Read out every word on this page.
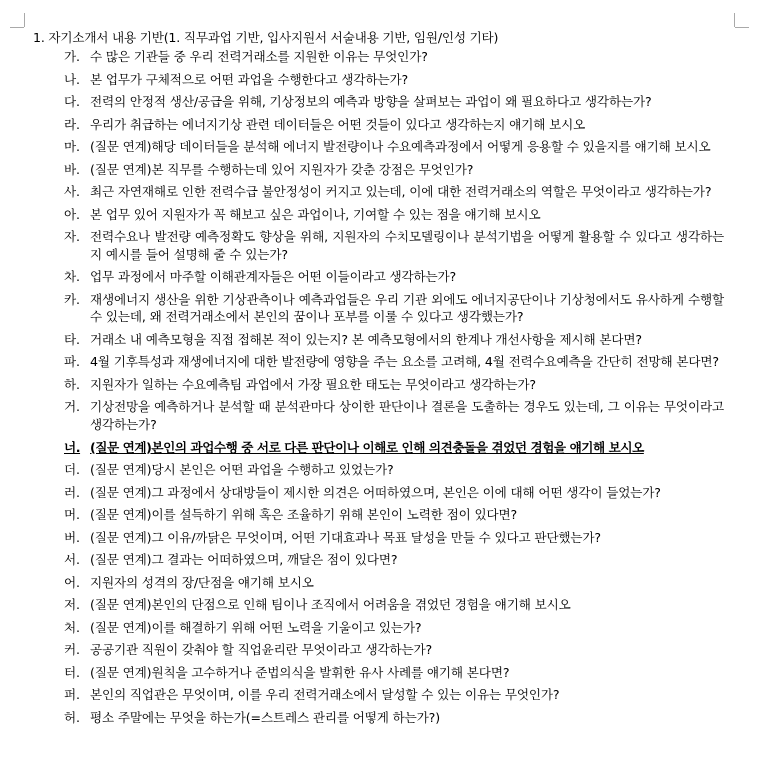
1. 자기소개서 내용 기반(1. 직무과업 기반, 입사지원서 서술내용 기반, 임원/인성 기타)
가. 수 많은 기관들 중 우리 전력거래소를 지원한 이유는 무엇인가?
나. 본 업무가 구체적으로 어떤 과업을 수행한다고 생각하는가?
다. 전력의 안정적 생산/공급을 위해, 기상정보의 예측과 방향을 살펴보는 과업이 왜 필요하다고 생각하는가?
라. 우리가 취급하는 에너지기상 관련 데이터들은 어떤 것들이 있다고 생각하는지 얘기해 보시오
마. (질문 연계)해당 데이터들을 분석해 에너지 발전량이나 수요예측과정에서 어떻게 응용할 수 있을지를 얘기해 보시오
바. (질문 연계)본 직무를 수행하는데 있어 지원자가 갖춘 강점은 무엇인가?
사. 최근 자연재해로 인한 전력수급 불안정성이 커지고 있는데, 이에 대한 전력거래소의 역할은 무엇이라고 생각하는가?
아. 본 업무 있어 지원자가 꼭 해보고 싶은 과업이나, 기여할 수 있는 점을 얘기해 보시오
자. 전력수요나 발전량 예측정확도 향상을 위해, 지원자의 수치모델링이나 분석기법을 어떻게 활용할 수 있다고 생각하는지 예시를 들어 설명해 줄 수 있는가?
차. 업무 과정에서 마주할 이해관계자들은 어떤 이들이라고 생각하는가?
카. 재생에너지 생산을 위한 기상관측이나 예측과업들은 우리 기관 외에도 에너지공단이나 기상청에서도 유사하게 수행할 수 있는데, 왜 전력거래소에서 본인의 꿈이나 포부를 이룰 수 있다고 생각했는가?
타. 거래소 내 예측모형을 직접 접해본 적이 있는지? 본 예측모형에서의 한계나 개선사항을 제시해 본다면?
파. 4월 기후특성과 재생에너지에 대한 발전량에 영향을 주는 요소를 고려해, 4월 전력수요예측을 간단히 전망해 본다면?
하. 지원자가 일하는 수요예측팀 과업에서 가장 필요한 태도는 무엇이라고 생각하는가?
거. 기상전망을 예측하거나 분석할 때 분석관마다 상이한 판단이나 결론을 도출하는 경우도 있는데, 그 이유는 무엇이라고 생각하는가?
너. (질문 연계)본인의 과업수행 중 서로 다른 판단이나 이해로 인해 의견충돌을 겪었던 경험을 얘기해 보시오
더. (질문 연계)당시 본인은 어떤 과업을 수행하고 있었는가?
러. (질문 연계)그 과정에서 상대방들이 제시한 의견은 어떠하였으며, 본인은 이에 대해 어떤 생각이 들었는가?
머. (질문 연계)이를 설득하기 위해 혹은 조율하기 위해 본인이 노력한 점이 있다면?
버. (질문 연계)그 이유/까닭은 무엇이며, 어떤 기대효과나 목표 달성을 만들 수 있다고 판단했는가?
서. (질문 연계)그 결과는 어떠하였으며, 깨달은 점이 있다면?
어. 지원자의 성격의 장/단점을 얘기해 보시오
저. (질문 연계)본인의 단점으로 인해 팀이나 조직에서 어려움을 겪었던 경험을 얘기해 보시오
처. (질문 연계)이를 해결하기 위해 어떤 노력을 기울이고 있는가?
커. 공공기관 직원이 갖춰야 할 직업윤리란 무엇이라고 생각하는가?
터. (질문 연계)원칙을 고수하거나 준법의식을 발휘한 유사 사례를 얘기해 본다면?
퍼. 본인의 직업관은 무엇이며, 이를 우리 전력거래소에서 달성할 수 있는 이유는 무엇인가?
허. 평소 주말에는 무엇을 하는가(=스트레스 관리를 어떻게 하는가?)
